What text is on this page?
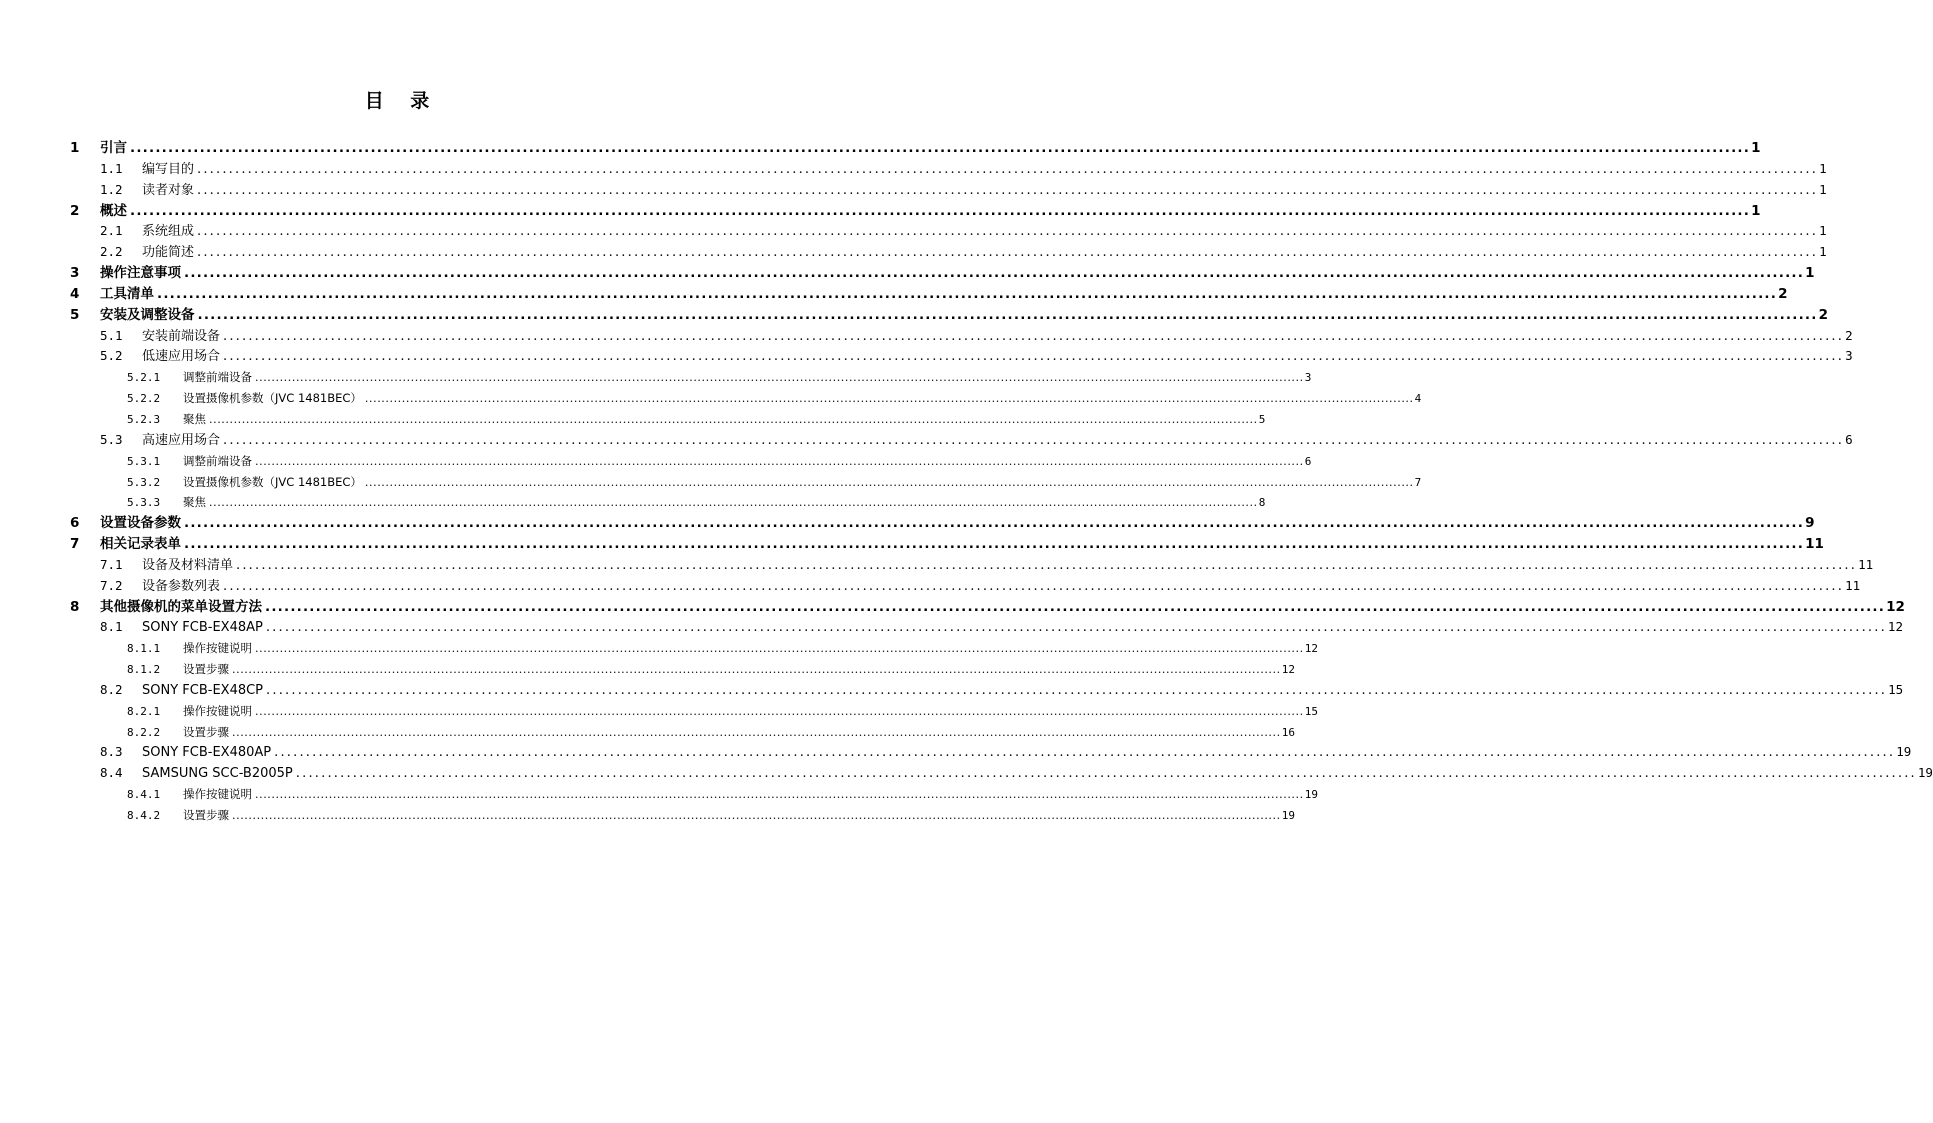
目    录
1	引言 ................................................................................................................................................................................................................................................................ 1
1.1	编写目的 ................................................................................................................................................................................................................................................................ 1
1.2	读者对象 ................................................................................................................................................................................................................................................................ 1
2	概述 ................................................................................................................................................................................................................................................................ 1
2.1	系统组成 ................................................................................................................................................................................................................................................................ 1
2.2	功能简述 ................................................................................................................................................................................................................................................................ 1
3	操作注意事项 ................................................................................................................................................................................................................................................................ 1
4	工具清单 ................................................................................................................................................................................................................................................................ 2
5	安装及调整设备 ................................................................................................................................................................................................................................................................ 2
5.1	安装前端设备 ................................................................................................................................................................................................................................................................ 2
5.2	低速应用场合 ................................................................................................................................................................................................................................................................ 3
5.2.1	调整前端设备 ................................................................................................................................................................................................................................................................ 3
5.2.2	设置摄像机参数（JVC 1481BEC） ................................................................................................................................................................................................................................................................ 4
5.2.3	聚焦 ................................................................................................................................................................................................................................................................ 5
5.3	高速应用场合 ................................................................................................................................................................................................................................................................ 6
5.3.1	调整前端设备 ................................................................................................................................................................................................................................................................ 6
5.3.2	设置摄像机参数（JVC 1481BEC） ................................................................................................................................................................................................................................................................ 7
5.3.3	聚焦 ................................................................................................................................................................................................................................................................ 8
6	设置设备参数 ................................................................................................................................................................................................................................................................ 9
7	相关记录表单 ................................................................................................................................................................................................................................................................ 11
7.1	设备及材料清单 ................................................................................................................................................................................................................................................................ 11
7.2	设备参数列表 ................................................................................................................................................................................................................................................................ 11
8	其他摄像机的菜单设置方法 ................................................................................................................................................................................................................................................................ 12
8.1	SONY FCB-EX48AP ................................................................................................................................................................................................................................................................ 12
8.1.1	操作按键说明 ................................................................................................................................................................................................................................................................ 12
8.1.2	设置步骤 ................................................................................................................................................................................................................................................................ 12
8.2	SONY FCB-EX48CP ................................................................................................................................................................................................................................................................ 15
8.2.1	操作按键说明 ................................................................................................................................................................................................................................................................ 15
8.2.2	设置步骤 ................................................................................................................................................................................................................................................................ 16
8.3	SONY FCB-EX480AP ................................................................................................................................................................................................................................................................ 19
8.4	SAMSUNG SCC-B2005P ................................................................................................................................................................................................................................................................ 19
8.4.1	操作按键说明 ................................................................................................................................................................................................................................................................ 19
8.4.2	设置步骤 ................................................................................................................................................................................................................................................................ 19
